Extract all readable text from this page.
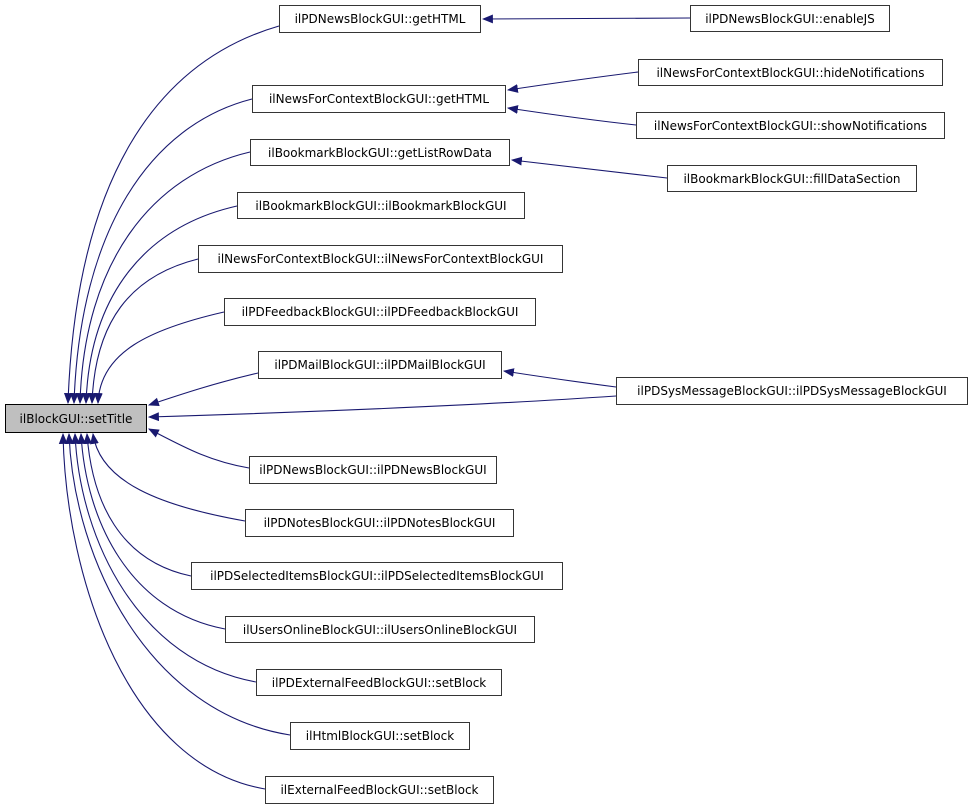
ilBlockGUI::setTitle
ilPDNewsBlockGUI::getHTML	ilPDNewsBlockGUI::enableJS
ilNewsForContextBlockGUI::getHTML
ilNewsForContextBlockGUI::hideNotifications
ilNewsForContextBlockGUI::showNotifications
ilBookmarkBlockGUI::getListRowData
ilBookmarkBlockGUI::fillDataSection
ilBookmarkBlockGUI::ilBookmarkBlockGUI
ilNewsForContextBlockGUI::ilNewsForContextBlockGUI
ilPDFeedbackBlockGUI::ilPDFeedbackBlockGUI
ilPDMailBlockGUI::ilPDMailBlockGUI
ilPDSysMessageBlockGUI::ilPDSysMessageBlockGUI
ilPDNewsBlockGUI::ilPDNewsBlockGUI
ilPDNotesBlockGUI::ilPDNotesBlockGUI
ilPDSelectedItemsBlockGUI::ilPDSelectedItemsBlockGUI
ilUsersOnlineBlockGUI::ilUsersOnlineBlockGUI
ilPDExternalFeedBlockGUI::setBlock
ilHtmlBlockGUI::setBlock
ilExternalFeedBlockGUI::setBlock
